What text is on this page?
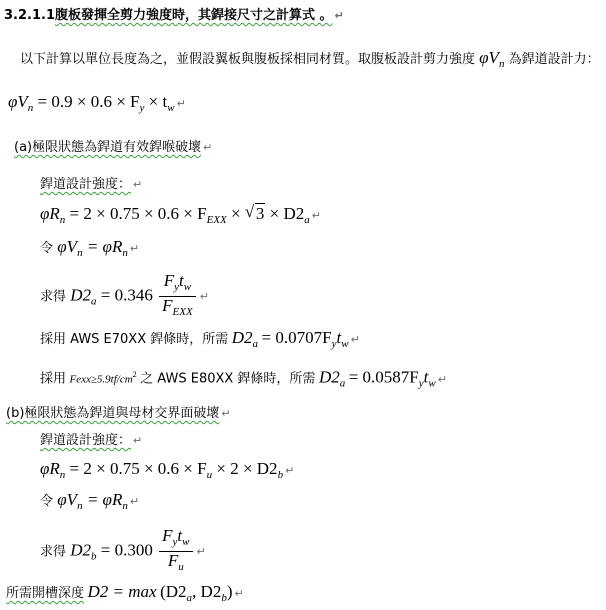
3.2.1.1腹板發揮全剪力強度時，其銲接尺寸之計算式 。 ↵
以下計算以單位長度為之，並假設翼板與腹板採相同材質。取腹板設計剪力強度 $\varphi V_n$ 為銲道設計力：
$\varphi V_n = 0.9 \times 0.6 \times F_y \times t_w$ ↵
(a)極限狀態為銲道有效銲喉破壞 ↵
銲道設計強度： ↵
$\varphi R_n = 2 \times 0.75 \times 0.6 \times F_{EXX}$ × √ $3 \times D2_a$ ↵
令 $\varphi V_n = \varphi R_n$ ↵
求得 $D2_a = 0.346 \frac{F_yt_w}{F_{EXX}}$ ↵
採用 AWS E70XX 銲條時，所需 $D2_a = 0.0707F_yt_w$ ↵
採用 $Fexx\ge 5.9tf/cm^2$ 之 AWS E80XX 銲條時，所需 $D2_a = 0.0587F_yt_w$ ↵
(b)極限狀態為銲道與母材交界面破壞 ↵
銲道設計強度： ↵
$\varphi R_n = 2 \times 0.75 \times 0.6 \times F_u \times 2 \times D2_b$ ↵
令 $\varphi V_n = \varphi R_n$ ↵
求得 $D2_b = 0.300 \frac{F_yt_w}{F_u}$ ↵
所需開槽深度 $D2 = \max (D2_a$, $D2_b$) ↵
